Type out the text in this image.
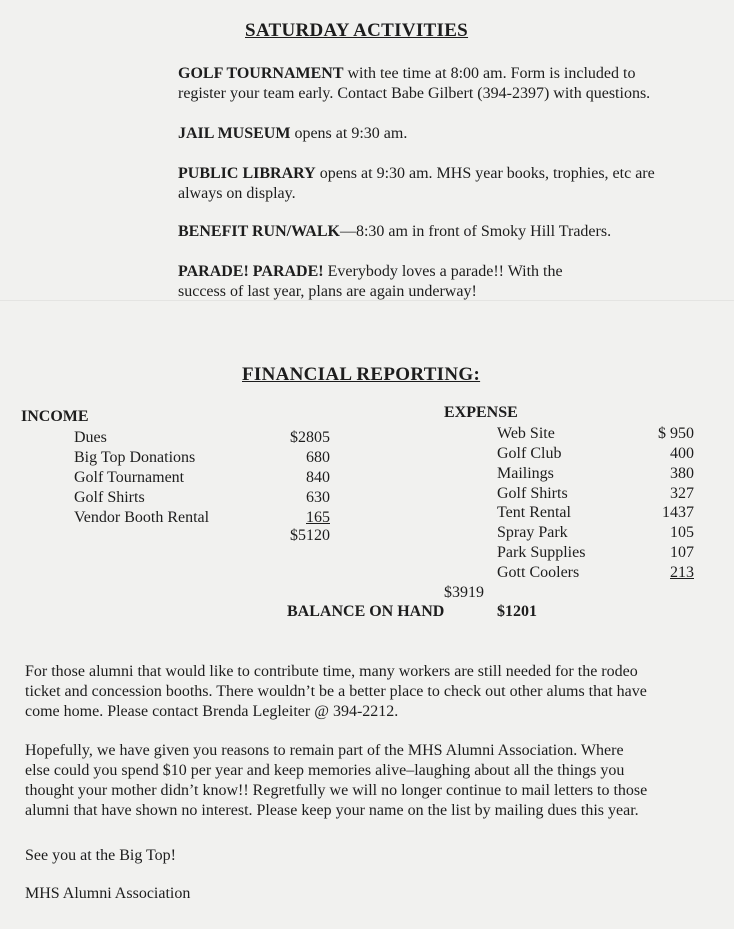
SATURDAY ACTIVITIES
GOLF TOURNAMENT with tee time at 8:00 am. Form is included to
register your team early. Contact Babe Gilbert (394-2397) with questions.
JAIL MUSEUM opens at 9:30 am.
PUBLIC LIBRARY opens at 9:30 am. MHS year books, trophies, etc are
always on display.
BENEFIT RUN/WALK—8:30 am in front of Smoky Hill Traders.
PARADE! PARADE! Everybody loves a parade!! With the
success of last year, plans are again underway!
FINANCIAL REPORTING:
INCOME
Dues	$2805
Big Top Donations	680
Golf Tournament	840
Golf Shirts	630
Vendor Booth Rental	165
$5120
EXPENSE
Web Site	$ 950
Golf Club	400
Mailings	380
Golf Shirts	327
Tent Rental	1437
Spray Park	105
Park Supplies	107
Gott Coolers	213
$3919
BALANCE ON HAND	$1201
For those alumni that would like to contribute time, many workers are still needed for the rodeo
ticket and concession booths. There wouldn’t be a better place to check out other alums that have
come home. Please contact Brenda Legleiter @ 394-2212.
Hopefully, we have given you reasons to remain part of the MHS Alumni Association. Where
else could you spend $10 per year and keep memories alive–laughing about all the things you
thought your mother didn’t know!! Regretfully we will no longer continue to mail letters to those
alumni that have shown no interest. Please keep your name on the list by mailing dues this year.
See you at the Big Top!
MHS Alumni Association
